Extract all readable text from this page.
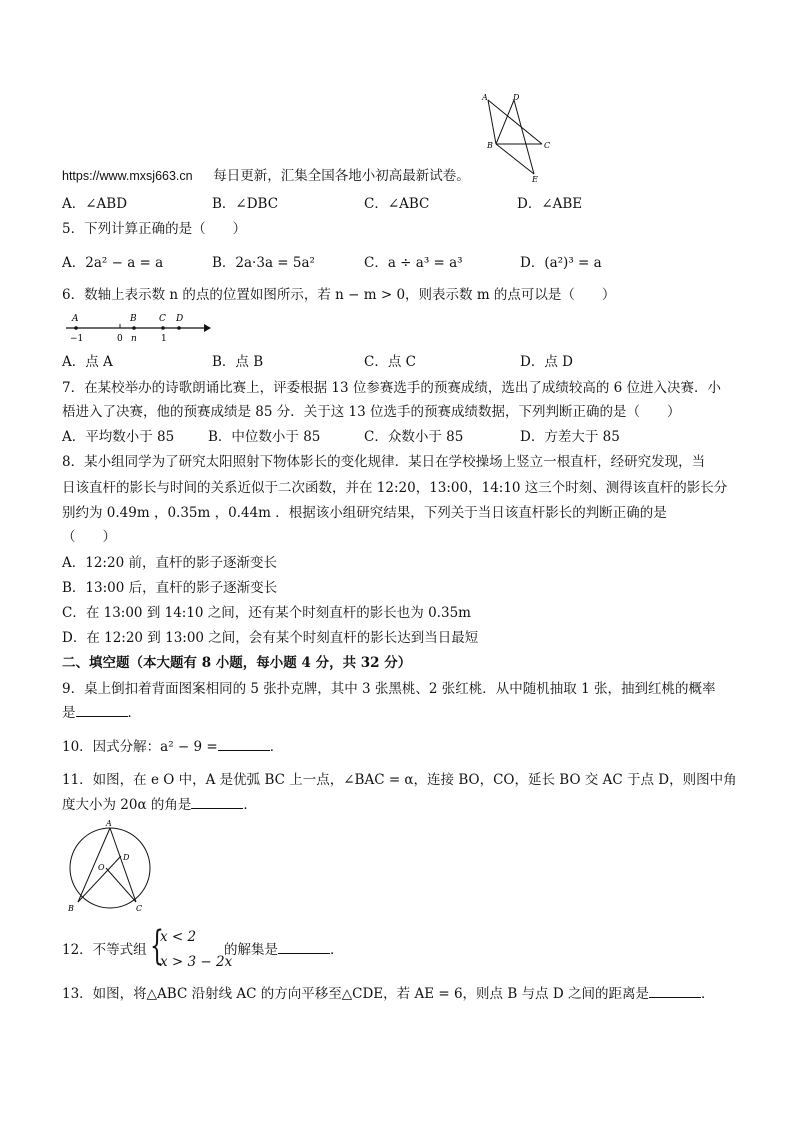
A	D
B	C
E
https://www.mxsj663.cn 每日更新，汇集全国各地小初高最新试卷。
A．∠ABD	B．∠DBC	C．∠ABC	D．∠ABE
5．下列计算正确的是（　　）
A．2a² − a = a	B．2a·3a = 5a²	C．a ÷ a³ = a³	D．(a²)³ = a
6．数轴上表示数 n 的点的位置如图所示，若 n − m > 0，则表示数 m 的点可以是（　　）
A	B C D
−1	0 n	1
A．点 A	B．点 B	C．点 C	D．点 D
7．在某校举办的诗歌朗诵比赛上，评委根据 13 位参赛选手的预赛成绩，选出了成绩较高的 6 位进入决赛．小
梧进入了决赛，他的预赛成绩是 85 分．关于这 13 位选手的预赛成绩数据，下列判断正确的是（　　）
A．平均数小于 85	B．中位数小于 85	C．众数小于 85	D．方差大于 85
8．某小组同学为了研究太阳照射下物体影长的变化规律．某日在学校操场上竖立一根直杆，经研究发现，当
日该直杆的影长与时间的关系近似于二次函数，并在 12:20，13:00，14:10 这三个时刻、测得该直杆的影长分
别约为 0.49m ，0.35m ，0.44m ．根据该小组研究结果，下列关于当日该直杆影长的判断正确的是
（　　）
A．12:20 前，直杆的影子逐渐变长
B．13:00 后，直杆的影子逐渐变长
C．在 13:00 到 14:10 之间，还有某个时刻直杆的影长也为 0.35m
D．在 12:20 到 13:00 之间，会有某个时刻直杆的影长达到当日最短
二、填空题（本大题有 8 小题，每小题 4 分，共 32 分）
9．桌上倒扣着背面图案相同的 5 张扑克牌，其中 3 张黑桃、2 张红桃．从中随机抽取 1 张，抽到红桃的概率
是	．
10．因式分解：a² − 9 =	．
11．如图，在 e O 中，A 是优弧 BC 上一点，∠BAC = α，连接 BO，CO，延长 BO 交 AC 于点 D，则图中角
度大小为 20α 的角是	．
A
O
D
B	C
12．不等式组 {
x < 2
x > 3 − 2x
的解集是	．
13．如图，将△ABC 沿射线 AC 的方向平移至△CDE，若 AE = 6，则点 B 与点 D 之间的距离是	．
